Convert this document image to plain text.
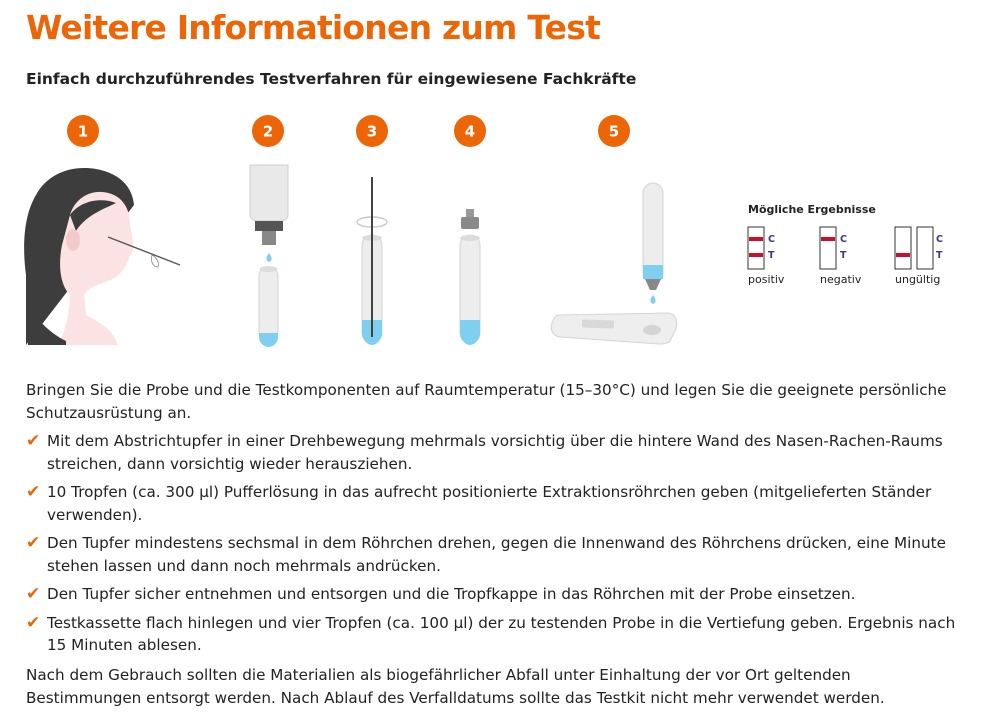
Weitere Informationen zum Test
Einfach durchzuführendes Testverfahren für eingewiesene Fachkräfte
1	2	3	4	5
Mögliche Ergebnisse
C
T
positiv
C
T
negativ
C
T
ungültig

Bringen Sie die Probe und die Testkomponenten auf Raumtemperatur (15–30°C) und legen Sie die geeignete persönliche Schutzausrüstung an.

✔ Mit dem Abstrichtupfer in einer Drehbewegung mehrmals vorsichtig über die hintere Wand des Nasen-Rachen-Raums streichen, dann vorsichtig wieder herausziehen.
✔ 10 Tropfen (ca. 300 µl) Pufferlösung in das aufrecht positionierte Extraktionsröhrchen geben (mitgelieferten Ständer verwenden).
✔ Den Tupfer mindestens sechsmal in dem Röhrchen drehen, gegen die Innenwand des Röhrchens drücken, eine Minute stehen lassen und dann noch mehrmals andrücken.
✔ Den Tupfer sicher entnehmen und entsorgen und die Tropfkappe in das Röhrchen mit der Probe einsetzen.
✔ Testkassette flach hinlegen und vier Tropfen (ca. 100 µl) der zu testenden Probe in die Vertiefung geben. Ergebnis nach 15 Minuten ablesen.

Nach dem Gebrauch sollten die Materialien als biogefährlicher Abfall unter Einhaltung der vor Ort geltenden Bestimmungen entsorgt werden. Nach Ablauf des Verfalldatums sollte das Testkit nicht mehr verwendet werden.
